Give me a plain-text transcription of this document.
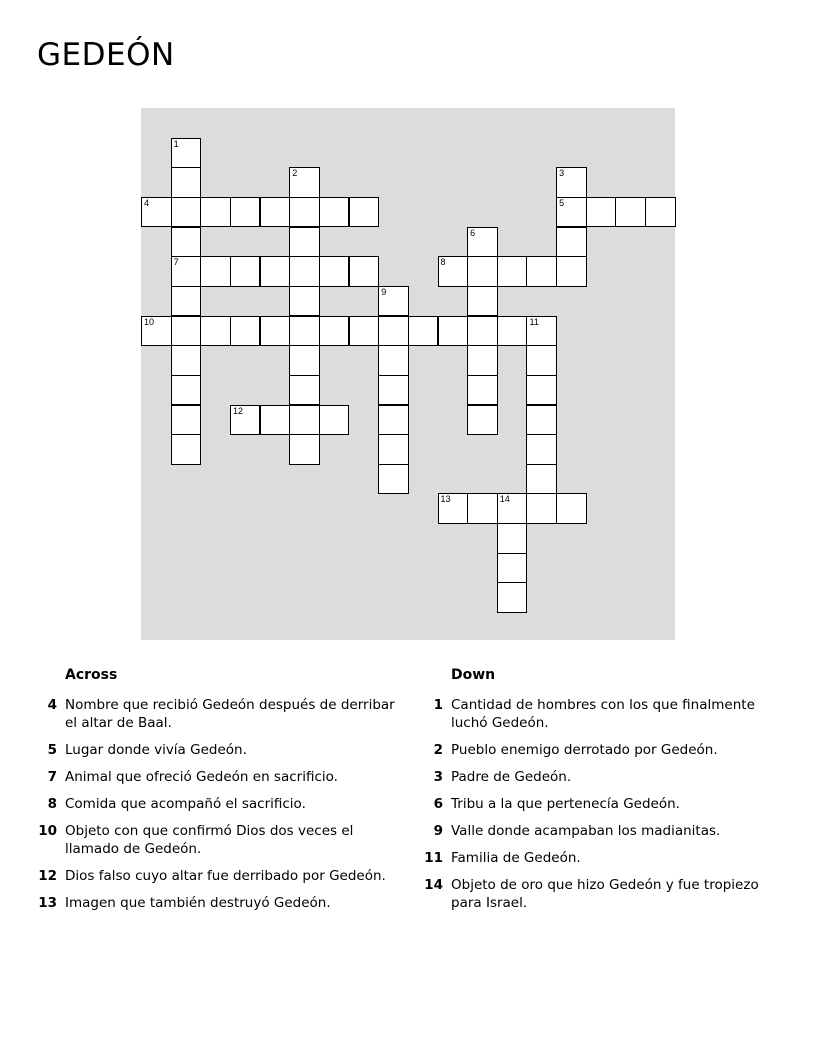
GEDEÓN
1
7
2	3
5
4
6
8
9
10	11
12
13	14
Across
4 Nombre que recibió Gedeón después de derribar el altar de Baal.
5 Lugar donde vivía Gedeón.
7 Animal que ofreció Gedeón en sacrificio.
8 Comida que acompañó el sacrificio.
10 Objeto con que confirmó Dios dos veces el llamado de Gedeón.
12 Dios falso cuyo altar fue derribado por Gedeón.
13 Imagen que también destruyó Gedeón.
Down
1 Cantidad de hombres con los que finalmente luchó Gedeón.
2 Pueblo enemigo derrotado por Gedeón.
3 Padre de Gedeón.
6 Tribu a la que pertenecía Gedeón.
9 Valle donde acampaban los madianitas.
11 Familia de Gedeón.
14 Objeto de oro que hizo Gedeón y fue tropiezo para Israel.
